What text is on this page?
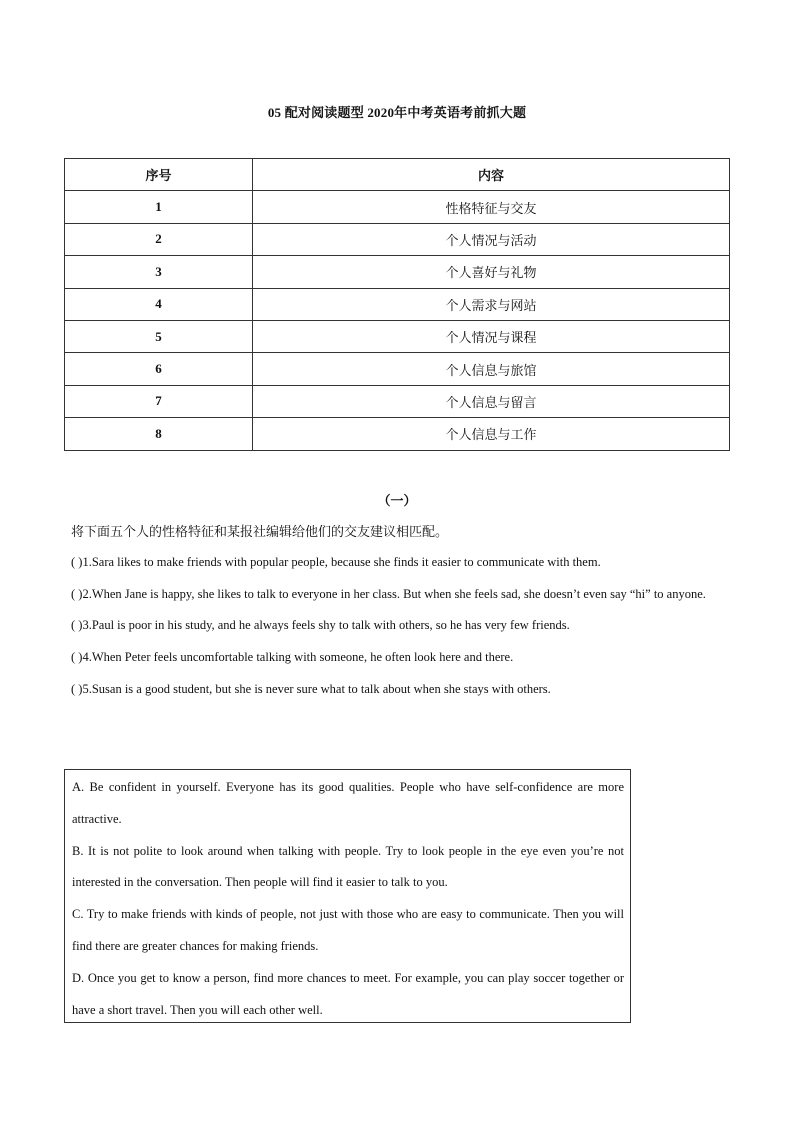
05 配对阅读题型 2020年中考英语考前抓大题
序号	内容
1	性格特征与交友
2	个人情况与活动
3	个人喜好与礼物
4	个人需求与网站
5	个人情况与课程
6	个人信息与旅馆
7	个人信息与留言
8	个人信息与工作
（一）
将下面五个人的性格特征和某报社编辑给他们的交友建议相匹配。

( )1.Sara likes to make friends with popular people, because she finds it easier to communicate with them.

( )2.When Jane is happy, she likes to talk to everyone in her class. But when she feels sad, she doesn’t even say “hi” to anyone.

( )3.Paul is poor in his study, and he always feels shy to talk with others, so he has very few friends.

( )4.When Peter feels uncomfortable talking with someone, he often look here and there.

( )5.Susan is a good student, but she is never sure what to talk about when she stays with others.

A. Be confident in yourself. Everyone has its good qualities. People who have self-confidence are more attractive.

B. It is not polite to look around when talking with people. Try to look people in the eye even you’re not interested in the conversation. Then people will find it easier to talk to you.

C. Try to make friends with kinds of people, not just with those who are easy to communicate. Then you will find there are greater chances for making friends.

D. Once you get to know a person, find more chances to meet. For example, you can play soccer together or have a short travel. Then you will each other well.
